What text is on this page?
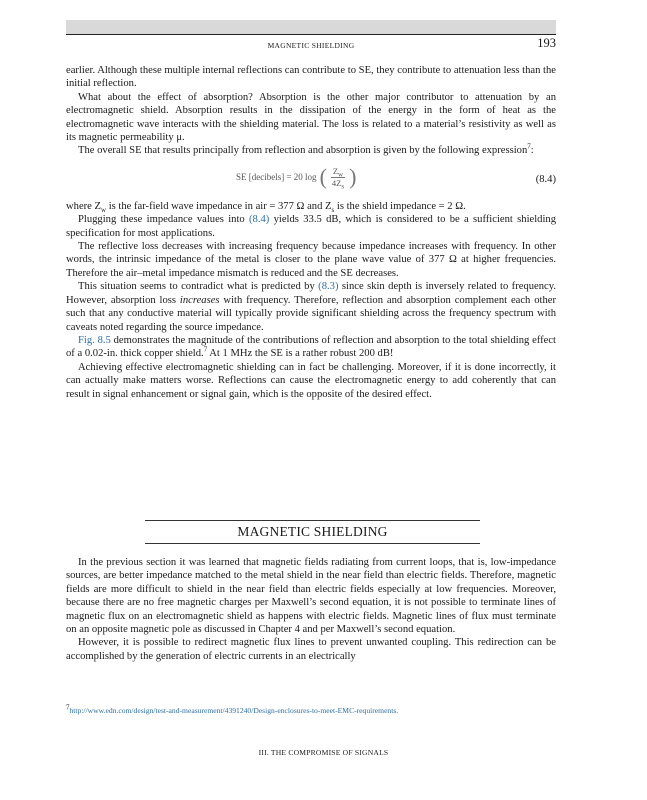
MAGNETIC SHIELDING	193

earlier. Although these multiple internal reflections can contribute to SE, they contribute to attenuation less than the initial reflection.

What about the effect of absorption? Absorption is the other major contributor to attenuation by an electromagnetic shield. Absorption results in the dissipation of the energy in the form of heat as the electromagnetic wave interacts with the shielding material. The loss is related to a material’s resistivity as well as its magnetic permeability μ.

The overall SE that results principally from reflection and absorption is given by the following expression$^7$:

SE [decibels] = 20 log ( $\frac{Z_w}{4Z_s}$ )	(8.4)

where $Z_w$ is the far-field wave impedance in air = 377 Ω and $Z_s$ is the shield impedance = 2 Ω.

Plugging these impedance values into (8.4) yields 33.5 dB, which is considered to be a sufficient shielding specification for most applications.

The reflective loss decreases with increasing frequency because impedance increases with frequency. In other words, the intrinsic impedance of the metal is closer to the plane wave value of 377 Ω at higher frequencies. Therefore the air–metal impedance mismatch is reduced and the SE decreases.

This situation seems to contradict what is predicted by (8.3) since skin depth is inversely related to frequency. However, absorption loss increases with frequency. Therefore, reflection and absorption complement each other such that any conductive material will typically provide significant shielding across the frequency spectrum with caveats noted regarding the source impedance.

Fig. 8.5 demonstrates the magnitude of the contributions of reflection and absorption to the total shielding effect of a 0.02-in. thick copper shield.$^7$ At 1 MHz the SE is a rather robust 200 dB!

Achieving effective electromagnetic shielding can in fact be challenging. Moreover, if it is done incorrectly, it can actually make matters worse. Reflections can cause the electromagnetic energy to add coherently that can result in signal enhancement or signal gain, which is the opposite of the desired effect.

MAGNETIC SHIELDING

In the previous section it was learned that magnetic fields radiating from current loops, that is, low-impedance sources, are better impedance matched to the metal shield in the near field than electric fields. Therefore, magnetic fields are more difficult to shield in the near field than electric fields especially at low frequencies. Moreover, because there are no free magnetic charges per Maxwell’s second equation, it is not possible to terminate lines of magnetic flux on an electromagnetic shield as happens with electric fields. Magnetic lines of flux must terminate on an opposite magnetic pole as discussed in Chapter 4 and per Maxwell’s second equation.

However, it is possible to redirect magnetic flux lines to prevent unwanted coupling. This redirection can be accomplished by the generation of electric currents in an electrically

$^7$http://www.edn.com/design/test-and-measurement/4391240/Design-enclosures-to-meet-EMC-requirements.
III. THE COMPROMISE OF SIGNALS
